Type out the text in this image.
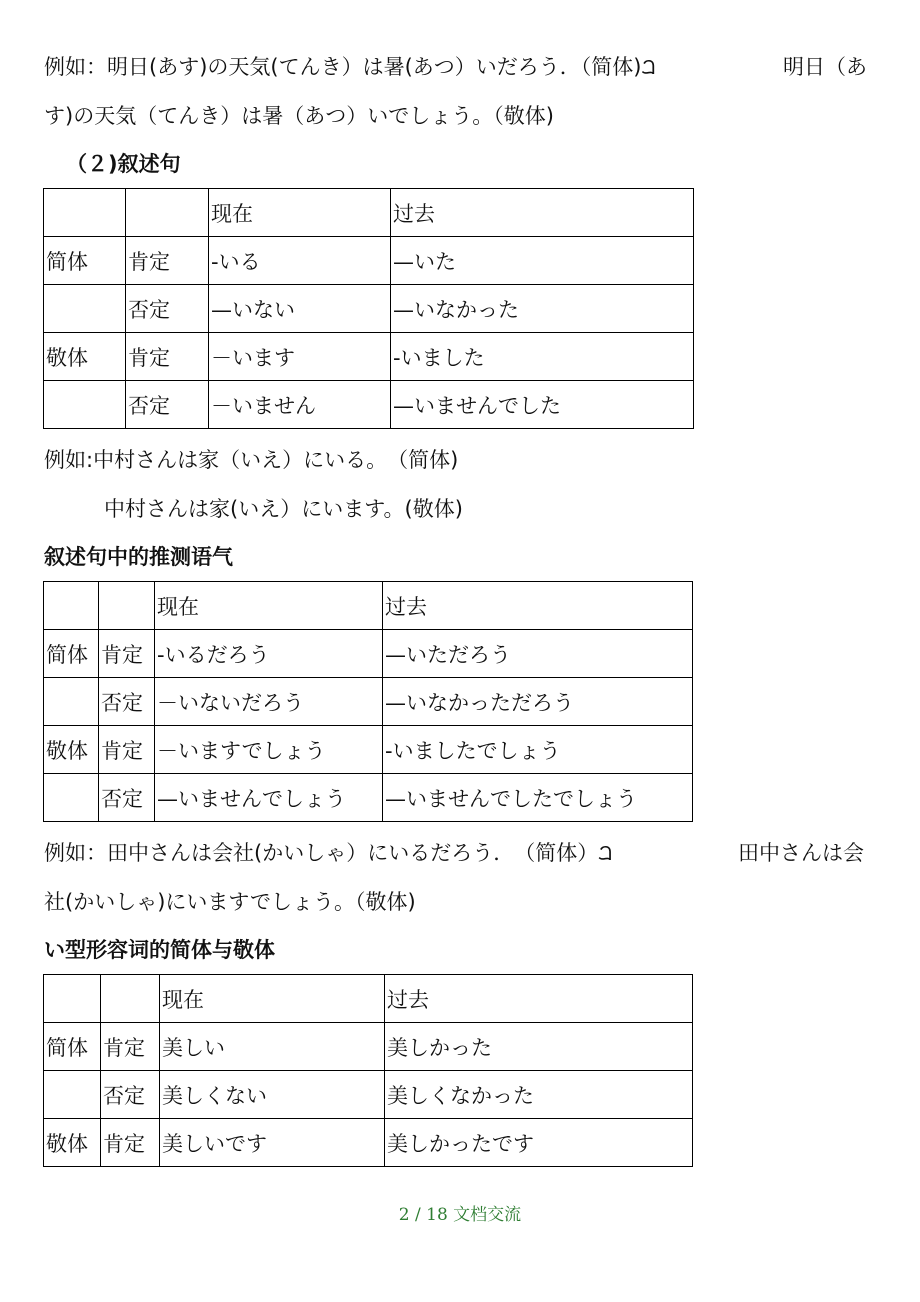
例如：明日(あす)の天気(てんき）は暑(あつ）いだろう．（简体)ꫠ	明日（あ
す)の天気（てんき）は暑（あつ）いでしょう。（敬体)
（２)叙述句
		现在	过去
简体	肯定	-いる	—いた
	否定	—いない	—いなかった
敬体	肯定	－います	-いました
	否定	－いません	—いませんでした
例如:中村さんは家（いえ）にいる。　（简体)
中村さんは家(いえ）にいます。(敬体)
叙述句中的推测语气
		现在	过去
简体	肯定	-いるだろう	—いただろう
	否定	－いないだろう	—いなかっただろう
敬体	肯定	－いますでしょう	-いましたでしょう
	否定	—いませんでしょう	—いませんでしたでしょう
例如：田中さんは会社(かいしゃ）にいるだろう．　（简体）ꫠ	田中さんは会
社(かいしゃ)にいますでしょう。（敬体)
い型形容词的简体与敬体
		现在	过去
简体	肯定	美しい	美しかった
	否定	美しくない	美しくなかった
敬体	肯定	美しいです	美しかったです
2 / 18 文档交流
